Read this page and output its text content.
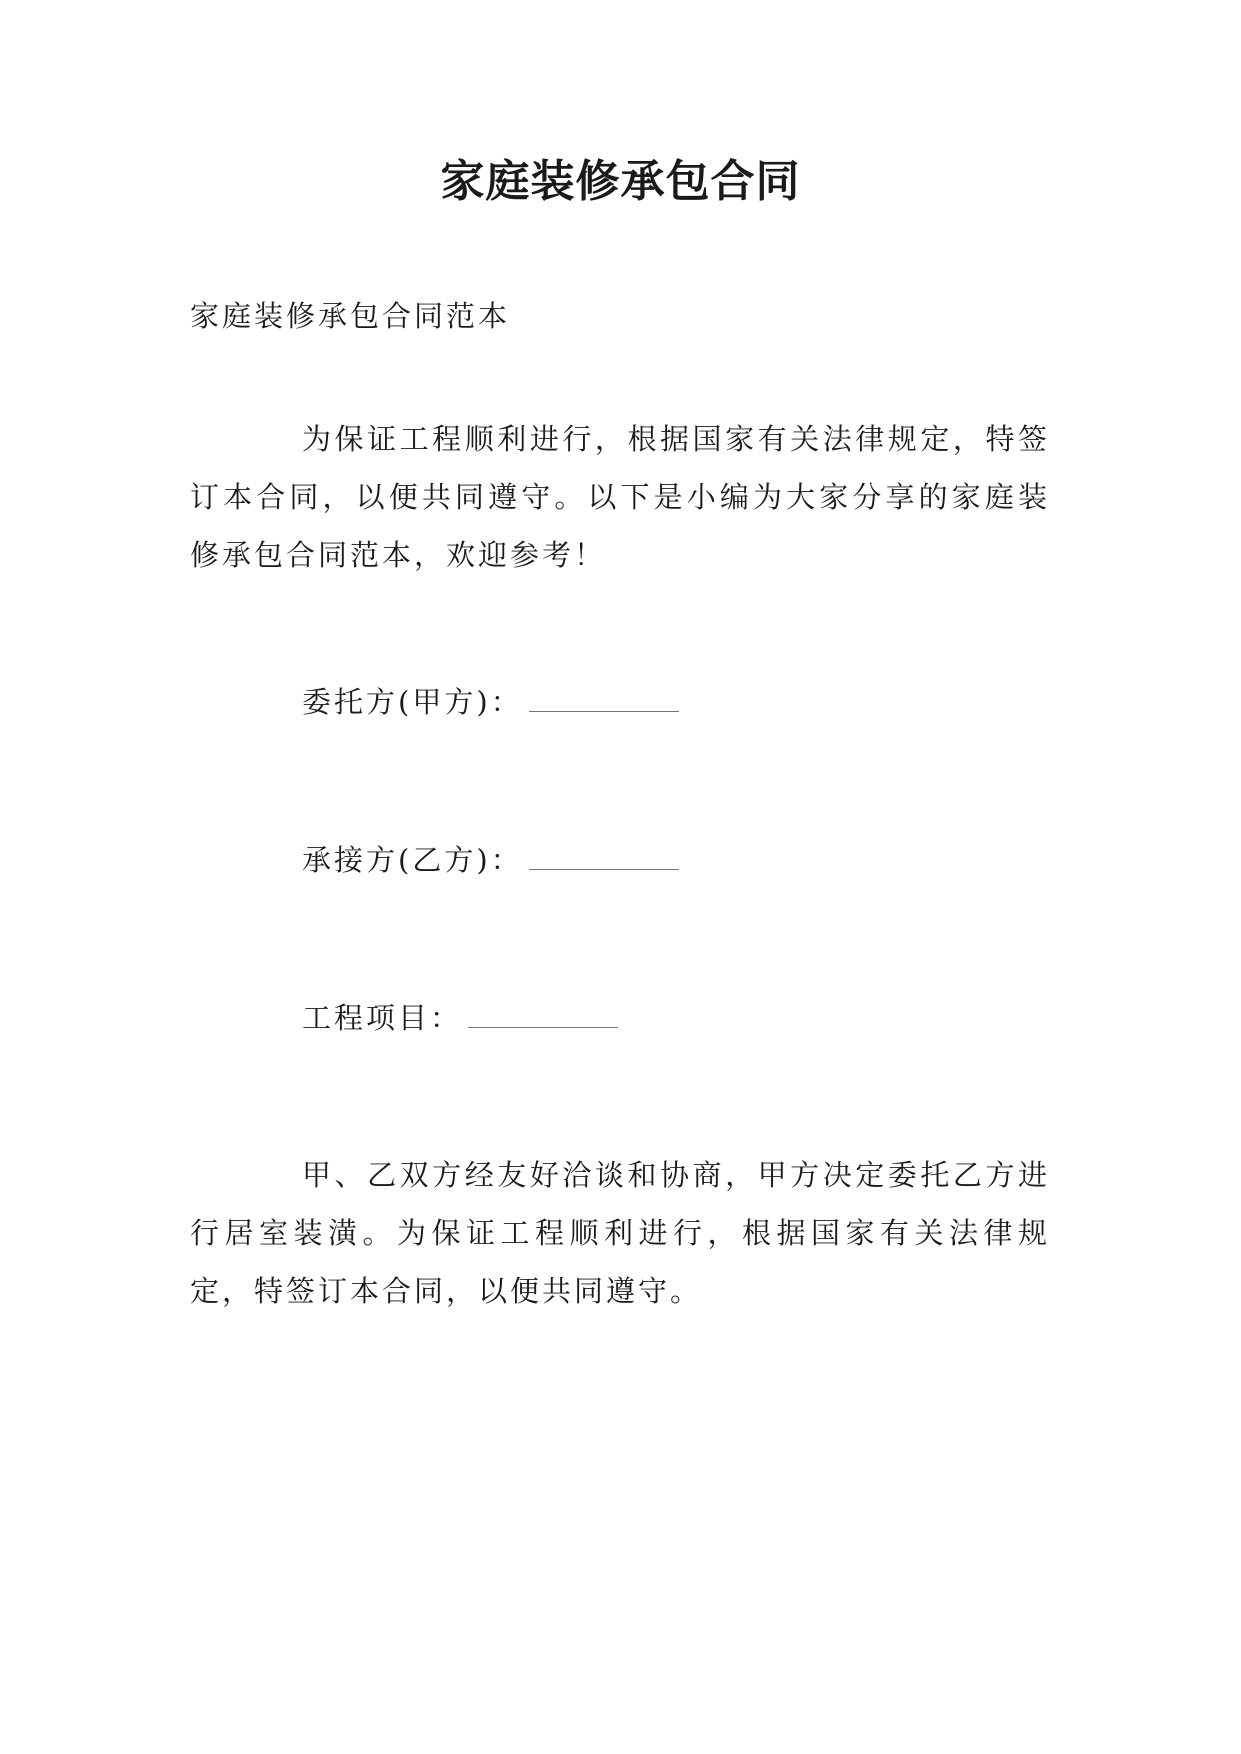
家庭装修承包合同

家庭装修承包合同范本

为保证工程顺利进行，根据国家有关法律规定，特签订本合同，以便共同遵守。以下是小编为大家分享的家庭装修承包合同范本，欢迎参考！

委托方(甲方)：

承接方(乙方)：

工程项目：

甲、乙双方经友好洽谈和协商，甲方决定委托乙方进行居室装潢。为保证工程顺利进行，根据国家有关法律规定，特签订本合同，以便共同遵守。
